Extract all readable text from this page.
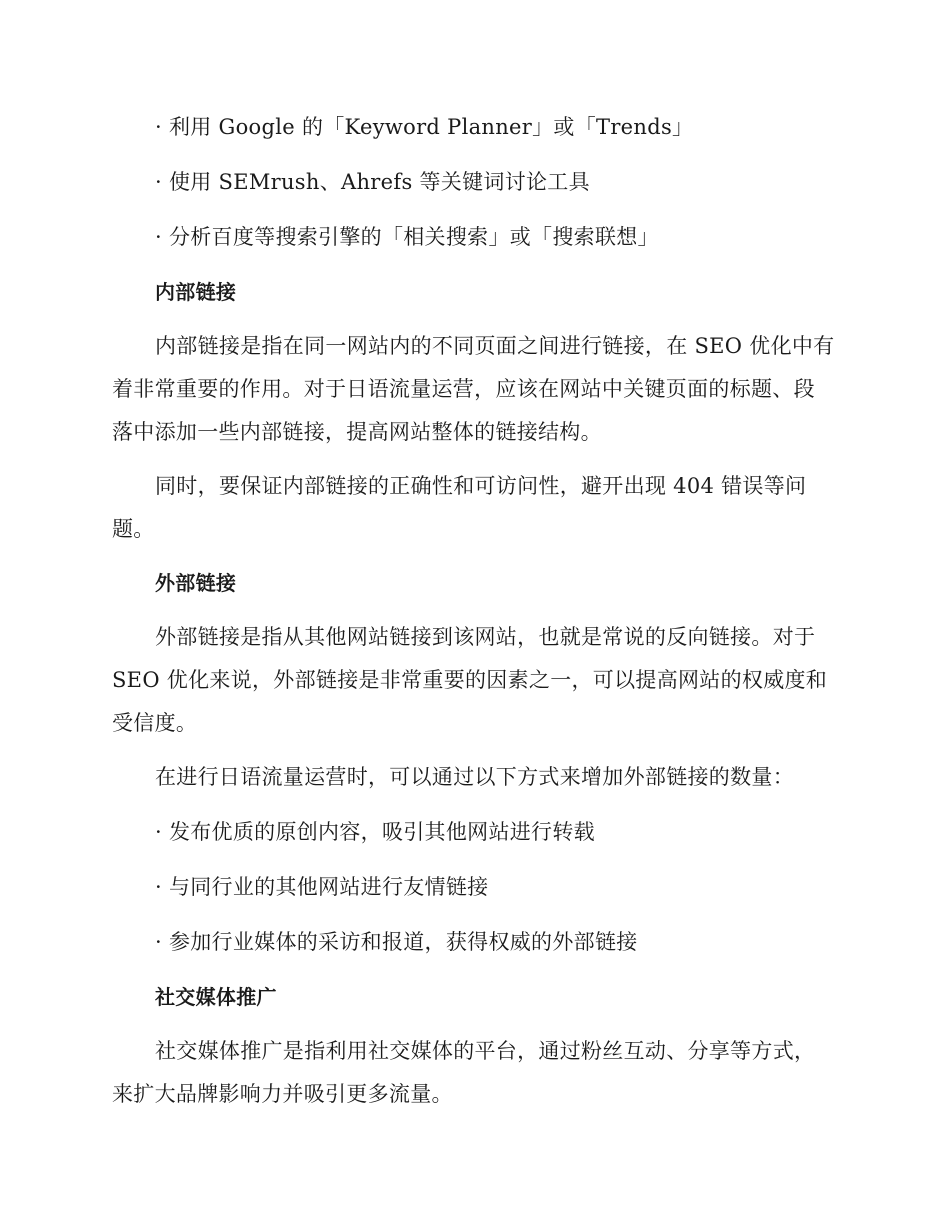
· 利用 Google 的「Keyword Planner」或「Trends」
· 使用 SEMrush、Ahrefs 等关键词讨论工具
· 分析百度等搜索引擎的「相关搜索」或「搜索联想」
内部链接
内部链接是指在同一网站内的不同页面之间进行链接，在 SEO 优化中有
着非常重要的作用。对于日语流量运营，应该在网站中关键页面的标题、段
落中添加一些内部链接，提高网站整体的链接结构。
同时，要保证内部链接的正确性和可访问性，避开出现 404 错误等问
题。
外部链接
外部链接是指从其他网站链接到该网站，也就是常说的反向链接。对于
SEO 优化来说，外部链接是非常重要的因素之一，可以提高网站的权威度和
受信度。
在进行日语流量运营时，可以通过以下方式来增加外部链接的数量：
· 发布优质的原创内容，吸引其他网站进行转载
· 与同行业的其他网站进行友情链接
· 参加行业媒体的采访和报道，获得权威的外部链接
社交媒体推广
社交媒体推广是指利用社交媒体的平台，通过粉丝互动、分享等方式，
来扩大品牌影响力并吸引更多流量。
